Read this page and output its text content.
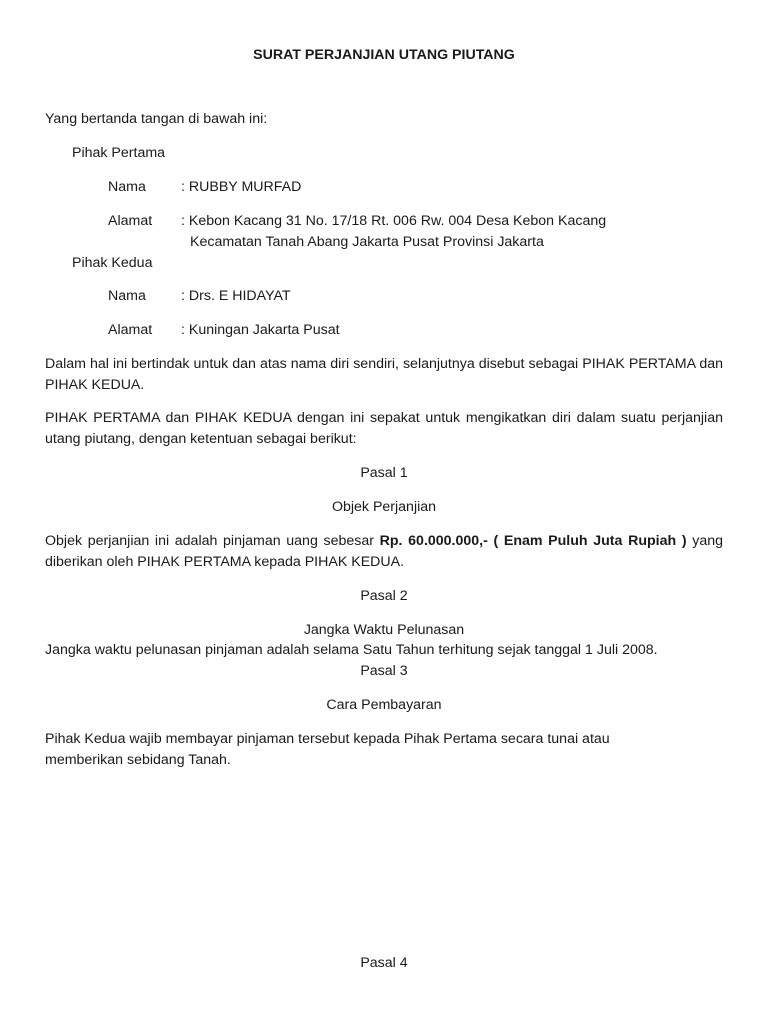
SURAT PERJANJIAN UTANG PIUTANG
Yang bertanda tangan di bawah ini:
Pihak Pertama
Nama	: RUBBY MURFAD
Alamat	: Kebon Kacang 31 No. 17/18 Rt. 006 Rw. 004 Desa Kebon Kacang
Kecamatan Tanah Abang Jakarta Pusat Provinsi Jakarta
Pihak Kedua
Nama	: Drs. E HIDAYAT
Alamat	: Kuningan Jakarta Pusat
Dalam hal ini bertindak untuk dan atas nama diri sendiri, selanjutnya disebut sebagai PIHAK PERTAMA dan PIHAK KEDUA.
PIHAK PERTAMA dan PIHAK KEDUA dengan ini sepakat untuk mengikatkan diri dalam suatu perjanjian utang piutang, dengan ketentuan sebagai berikut:
Pasal 1
Objek Perjanjian
Objek perjanjian ini adalah pinjaman uang sebesar Rp. 60.000.000,- ( Enam Puluh Juta Rupiah ) yang diberikan oleh PIHAK PERTAMA kepada PIHAK KEDUA.
Pasal 2
Jangka Waktu Pelunasan
Jangka waktu pelunasan pinjaman adalah selama Satu Tahun terhitung sejak tanggal 1 Juli 2008.
Pasal 3
Cara Pembayaran
Pihak Kedua wajib membayar pinjaman tersebut kepada Pihak Pertama secara tunai atau
memberikan sebidang Tanah.
Pasal 4
